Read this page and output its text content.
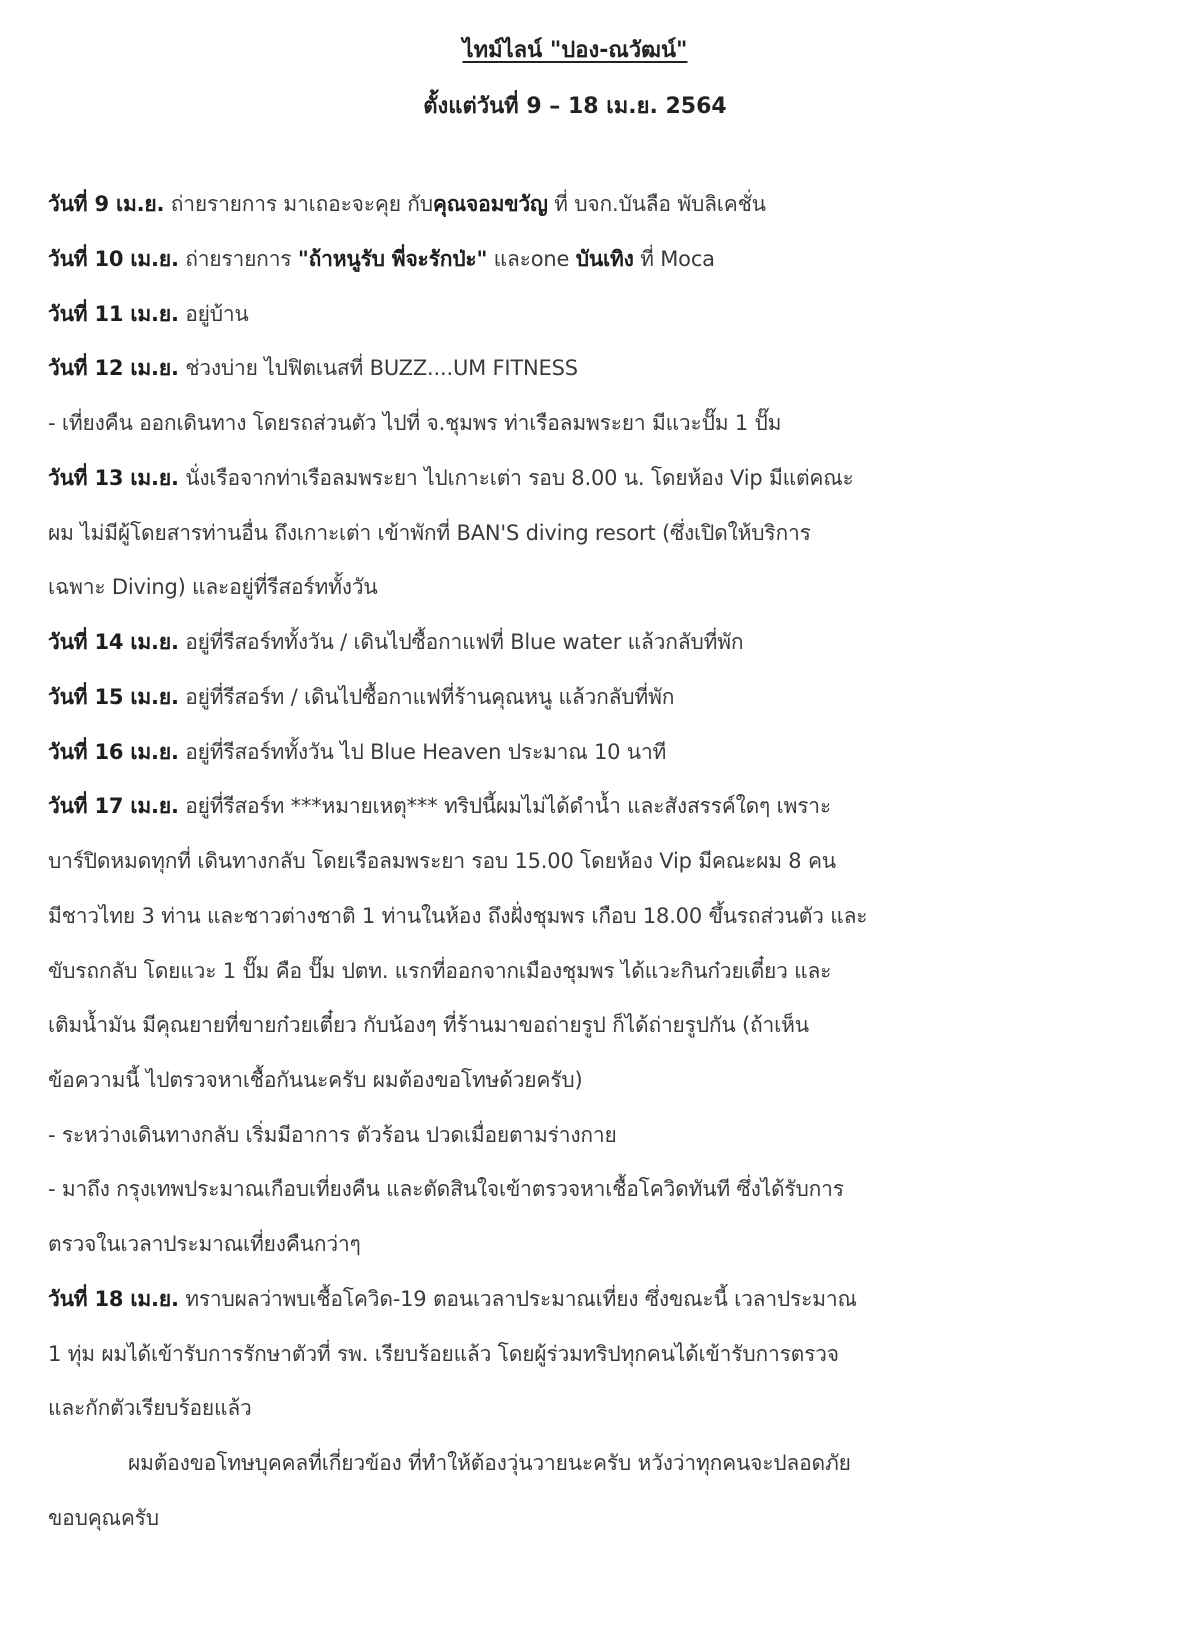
ไทม์ไลน์ "ปอง-ณวัฒน์"
ตั้งแต่วันที่ 9 – 18 เม.ย. 2564
วันที่ 9 เม.ย. ถ่ายรายการ มาเถอะจะคุย กับคุณจอมขวัญ ที่ บจก.บันลือ พับลิเคชั่น
วันที่ 10 เม.ย. ถ่ายรายการ "ถ้าหนูรับ พี่จะรักป่ะ" และone บันเทิง ที่ Moca
วันที่ 11 เม.ย. อยู่บ้าน
วันที่ 12 เม.ย. ช่วงบ่าย ไปฟิตเนสที่ BUZZ....UM FITNESS
- เที่ยงคืน ออกเดินทาง โดยรถส่วนตัว ไปที่ จ.ชุมพร ท่าเรือลมพระยา มีแวะปั๊ม 1 ปั๊ม
วันที่ 13 เม.ย. นั่งเรือจากท่าเรือลมพระยา ไปเกาะเต่า รอบ 8.00 น. โดยห้อง Vip มีแต่คณะ
ผม ไม่มีผู้โดยสารท่านอื่น ถึงเกาะเต่า เข้าพักที่ BAN'S diving resort (ซึ่งเปิดให้บริการ
เฉพาะ Diving) และอยู่ที่รีสอร์ททั้งวัน
วันที่ 14 เม.ย. อยู่ที่รีสอร์ททั้งวัน / เดินไปซื้อกาแฟที่ Blue water แล้วกลับที่พัก
วันที่ 15 เม.ย. อยู่ที่รีสอร์ท / เดินไปซื้อกาแฟที่ร้านคุณหนู แล้วกลับที่พัก
วันที่ 16 เม.ย. อยู่ที่รีสอร์ททั้งวัน ไป Blue Heaven ประมาณ 10 นาที
วันที่ 17 เม.ย. อยู่ที่รีสอร์ท ***หมายเหตุ*** ทริปนี้ผมไม่ได้ดำน้ำ และสังสรรค์ใดๆ เพราะ
บาร์ปิดหมดทุกที่ เดินทางกลับ โดยเรือลมพระยา รอบ 15.00 โดยห้อง Vip มีคณะผม 8 คน
มีชาวไทย 3 ท่าน และชาวต่างชาติ 1 ท่านในห้อง ถึงฝั่งชุมพร เกือบ 18.00 ขึ้นรถส่วนตัว และ
ขับรถกลับ โดยแวะ 1 ปั๊ม คือ ปั๊ม ปตท. แรกที่ออกจากเมืองชุมพร ได้แวะกินก๋วยเตี๋ยว และ
เติมน้ำมัน มีคุณยายที่ขายก๋วยเตี๋ยว กับน้องๆ ที่ร้านมาขอถ่ายรูป ก็ได้ถ่ายรูปกัน (ถ้าเห็น
ข้อความนี้ ไปตรวจหาเชื้อกันนะครับ ผมต้องขอโทษด้วยครับ)
- ระหว่างเดินทางกลับ เริ่มมีอาการ ตัวร้อน ปวดเมื่อยตามร่างกาย
- มาถึง กรุงเทพประมาณเกือบเที่ยงคืน และตัดสินใจเข้าตรวจหาเชื้อโควิดทันที ซึ่งได้รับการ
ตรวจในเวลาประมาณเที่ยงคืนกว่าๆ
วันที่ 18 เม.ย. ทราบผลว่าพบเชื้อโควิด-19 ตอนเวลาประมาณเที่ยง ซึ่งขณะนี้ เวลาประมาณ
1 ทุ่ม ผมได้เข้ารับการรักษาตัวที่ รพ. เรียบร้อยแล้ว โดยผู้ร่วมทริปทุกคนได้เข้ารับการตรวจ
และกักตัวเรียบร้อยแล้ว
ผมต้องขอโทษบุคคลที่เกี่ยวข้อง ที่ทำให้ต้องวุ่นวายนะครับ หวังว่าทุกคนจะปลอดภัย
ขอบคุณครับ
